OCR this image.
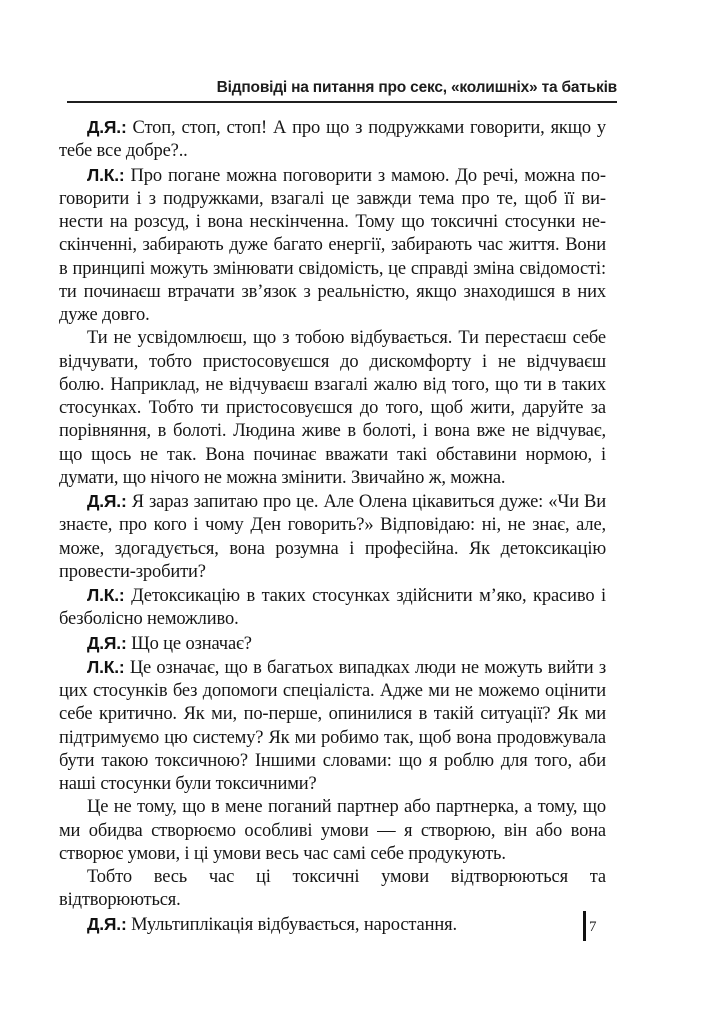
Відповіді на питання про секс, «колишніх» та батьків

Д.Я.: Стоп, стоп, стоп! А про що з подружками говорити, якщо у тебе все добре?..

Л.К.: Про погане можна поговорити з мамою. До речі, можна поговорити і з подружками, взагалі це завжди тема про те, щоб її винести на розсуд, і вона нескінченна. Тому що токсичні стосунки нескінченні, забирають дуже багато енергії, забирають час життя. Вони в принципі можуть змінювати свідомість, це справді зміна свідомості: ти починаєш втрачати зв’язок з реальністю, якщо знаходишся в них дуже довго.

Ти не усвідомлюєш, що з тобою відбувається. Ти перестаєш себе відчувати, тобто пристосовуєшся до дискомфорту і не відчуваєш болю. Наприклад, не відчуваєш взагалі жалю від того, що ти в таких стосунках. Тобто ти пристосовуєшся до того, щоб жити, даруйте за порівняння, в болоті. Людина живе в болоті, і вона вже не відчуває, що щось не так. Вона починає вважати такі обставини нормою, і думати, що нічого не можна змінити. Звичайно ж, можна.

Д.Я.: Я зараз запитаю про це. Але Олена цікавиться дуже: «Чи Ви знаєте, про кого і чому Ден говорить?» Відповідаю: ні, не знає, але, може, здогадується, вона розумна і професійна. Як детоксикацію провести-зробити?

Л.К.: Детоксикацію в таких стосунках здійснити м’яко, красиво і безболісно неможливо.

Д.Я.: Що це означає?

Л.К.: Це означає, що в багатьох випадках люди не можуть вийти з цих стосунків без допомоги спеціаліста. Адже ми не можемо оцінити себе критично. Як ми, по-перше, опинилися в такій ситуації? Як ми підтримуємо цю систему? Як ми робимо так, щоб вона продовжувала бути такою токсичною? Іншими словами: що я роблю для того, аби наші стосунки були токсичними?

Це не тому, що в мене поганий партнер або партнерка, а тому, що ми обидва створюємо особливі умови — я створюю, він або вона створює умови, і ці умови весь час самі себе продукують.

Тобто весь час ці токсичні умови відтворюються та відтворюються.

Д.Я.: Мультиплікація відбувається, наростання.	7
